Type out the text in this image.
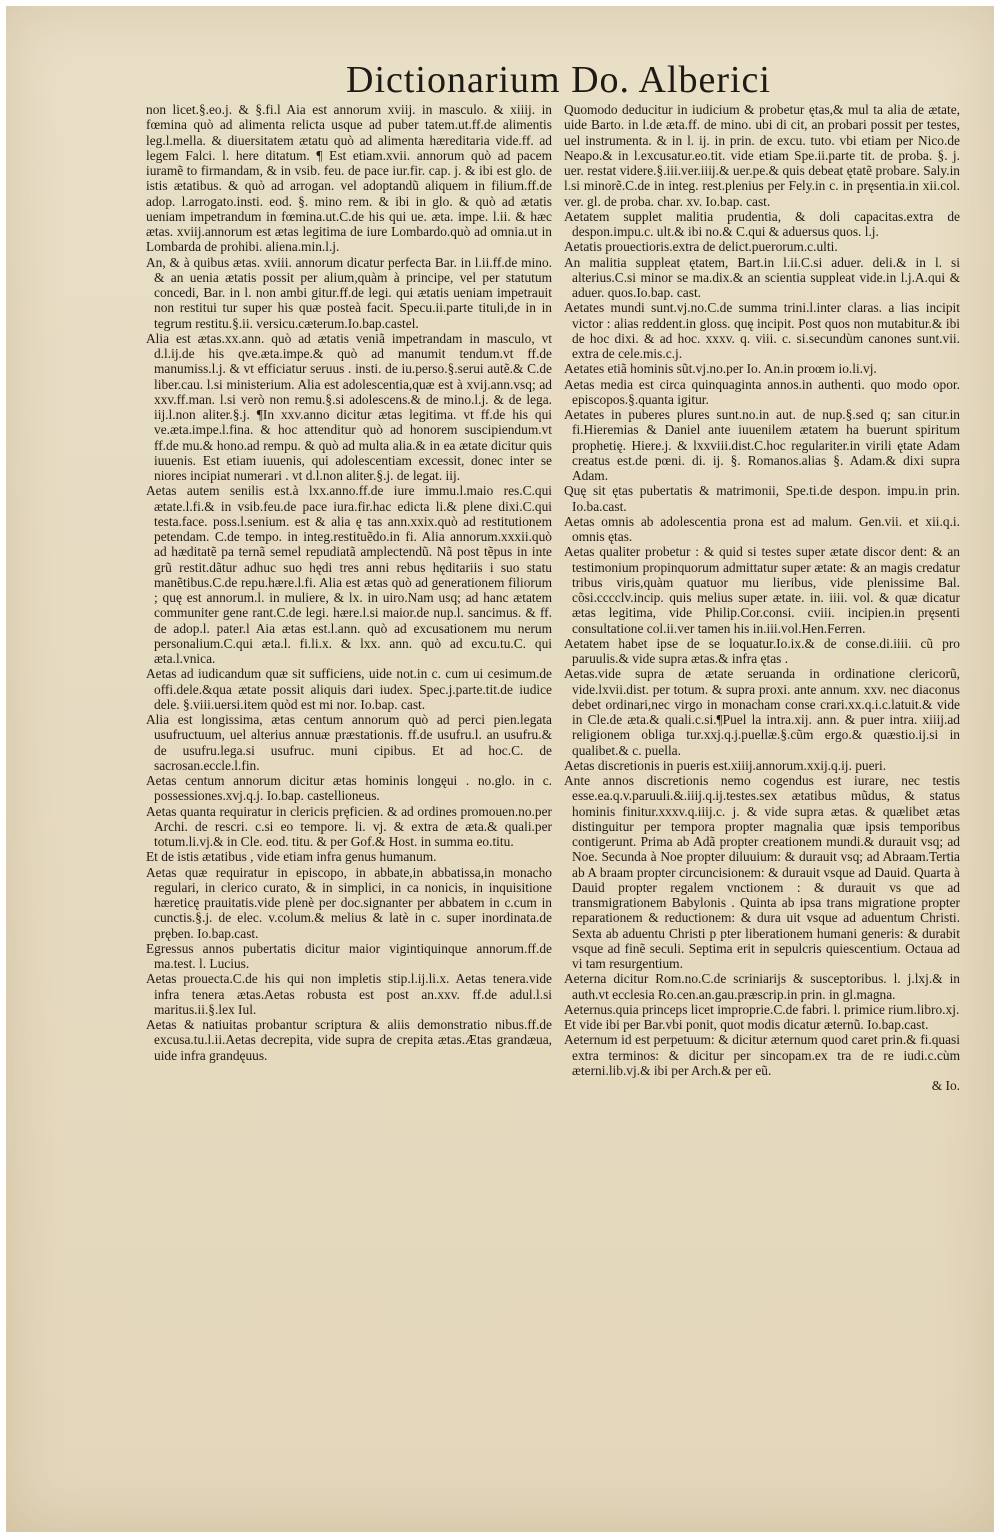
Dictionarium Do. Alberici

non licet.§.eo.j. & §.fi.l Aia est annorum xviij. in masculo. & xiiij. in fœmina quò ad alimenta relicta usque ad puber tatem.ut.ff.de alimentis leg.l.mella. & diuersitatem ætatu quò ad alimenta hæreditaria vide.ff. ad legem Falci. l. here ditatum. ¶ Est etiam.xvii. annorum quò ad pacem iuramẽ to firmandam, & in vsib. feu. de pace iur.fir. cap. j. & ibi est glo. de istis ætatibus. & quò ad arrogan. vel adoptandũ aliquem in filium.ff.de adop. l.arrogato.insti. eod. §. mino rem. & ibi in glo. & quò ad ætatis ueniam impetrandum in fœmina.ut.C.de his qui ue. æta. impe. l.ii. & hæc ætas. xviij.annorum est ætas legitima de iure Lombardo.quò ad omnia.ut in Lombarda de prohibi. aliena.min.l.j.

An, & à quibus ætas. xviii. annorum dicatur perfecta Bar. in l.ii.ff.de mino. & an uenia ætatis possit per alium,quàm à principe, vel per statutum concedi, Bar. in l. non ambi gitur.ff.de legi. qui ætatis ueniam impetrauit non restitui tur super his quæ posteà facit. Specu.ii.parte tituli,de in in tegrum restitu.§.ii. versicu.cæterum.Io.bap.castel.

Alia est ætas.xx.ann. quò ad ætatis veniã impetrandam in masculo, vt d.l.ij.de his qve.æta.impe.& quò ad manumit tendum.vt ff.de manumiss.l.j. & vt efficiatur seruus . insti. de iu.perso.§.serui autẽ.& C.de liber.cau. l.si ministerium. Alia est adolescentia,quæ est à xvij.ann.vsq; ad xxv.ff.man. l.si verò non remu.§.si adolescens.& de mino.l.j. & de lega. iij.l.non aliter.§.j. ¶In xxv.anno dicitur ætas legitima. vt ff.de his qui ve.æta.impe.l.fina. & hoc attenditur quò ad honorem suscipiendum.vt ff.de mu.& hono.ad rempu. & quò ad multa alia.& in ea ætate dicitur quis iuuenis. Est etiam iuuenis, qui adolescentiam excessit, donec inter se niores incipiat numerari . vt d.l.non aliter.§.j. de legat. iij.

Aetas autem senilis est.à lxx.anno.ff.de iure immu.l.maio res.C.qui ætate.l.fi.& in vsib.feu.de pace iura.fir.hac edicta li.& plene dixi.C.qui testa.face. poss.l.senium. est & alia ę tas ann.xxix.quò ad restitutionem petendam. C.de tempo. in integ.restituẽdo.in fi. Alia annorum.xxxii.quò ad hæditatẽ pa ternã semel repudiatã amplectendũ. Nã post tẽpus in inte grũ restit.dãtur adhuc suo hędi tres anni rebus hęditariis i suo statu manẽtibus.C.de repu.hære.l.fi. Alia est ætas quò ad generationem filiorum ; quę est annorum.l. in muliere, & lx. in uiro.Nam usq; ad hanc ætatem communiter gene rant.C.de legi. hære.l.si maior.de nup.l. sancimus. & ff. de adop.l. pater.l Aia ætas est.l.ann. quò ad excusationem mu nerum personalium.C.qui æta.l. fi.li.x. & lxx. ann. quò ad excu.tu.C. qui æta.l.vnica.

Aetas ad iudicandum quæ sit sufficiens, uide not.in c. cum ui cesimum.de offi.dele.&qua ætate possit aliquis dari iudex. Spec.j.parte.tit.de iudice dele. §.viii.uersi.item quòd est mi nor. Io.bap. cast.

Alia est longissima, ætas centum annorum quò ad perci pien.legata usufructuum, uel alterius annuæ præstationis. ff.de usufru.l. an usufru.& de usufru.lega.si usufruc. muni cipibus. Et ad hoc.C. de sacrosan.eccle.l.fin.

Aetas centum annorum dicitur ætas hominis longęui . no.glo. in c. possessiones.xvj.q.j. Io.bap. castellioneus.

Aetas quanta requiratur in clericis pręficien. & ad ordines promouen.no.per Archi. de rescri. c.si eo tempore. li. vj. & extra de æta.& quali.per totum.li.vj.& in Cle. eod. titu. & per Gof.& Host. in summa eo.titu.

Et de istis ætatibus , vide etiam infra genus humanum.

Aetas quæ requiratur in episcopo, in abbate,in abbatissa,in monacho regulari, in clerico curato, & in simplici, in ca nonicis, in inquisitione hæreticę prauitatis.vide plenè per doc.signanter per abbatem in c.cum in cunctis.§.j. de elec. v.colum.& melius & latè in c. super inordinata.de pręben. Io.bap.cast.

Egressus annos pubertatis dicitur maior vigintiquinque annorum.ff.de ma.test. l. Lucius.

Aetas prouecta.C.de his qui non impletis stip.l.ij.li.x. Aetas tenera.vide infra tenera ætas.Aetas robusta est post an.xxv. ff.de adul.l.si maritus.ii.§.lex Iul.

Aetas & natiuitas probantur scriptura & aliis demonstratio nibus.ff.de excusa.tu.l.ii.Aetas decrepita, vide supra de crepita ætas.Ætas grandæua, uide infra grandęuus.

Quomodo deducitur in iudicium & probetur ętas,& mul ta alia de ætate, uide Barto. in l.de æta.ff. de mino. ubi di cit, an probari possit per testes, uel instrumenta. & in l. ij. in prin. de excu. tuto. vbi etiam per Nico.de Neapo.& in l.excusatur.eo.tit. vide etiam Spe.ii.parte tit. de proba. §. j. uer. restat videre.§.iii.ver.iiij.& uer.pe.& quis debeat ętatẽ probare. Saly.in l.si minorẽ.C.de in integ. rest.plenius per Fely.in c. in pręsentia.in xii.col. ver. gl. de proba. char. xv. Io.bap. cast.

Aetatem supplet malitia prudentia, & doli capacitas.extra de despon.impu.c. ult.& ibi no.& C.qui & aduersus quos. l.j.

Aetatis prouectioris.extra de delict.puerorum.c.ulti.

An malitia suppleat ętatem, Bart.in l.ii.C.si aduer. deli.& in l. si alterius.C.si minor se ma.dix.& an scientia suppleat vide.in l.j.A.qui & aduer. quos.Io.bap. cast.

Aetates mundi sunt.vj.no.C.de summa trini.l.inter claras. a lias incipit victor : alias reddent.in gloss. quę incipit. Post quos non mutabitur.& ibi de hoc dixi. & ad hoc. xxxv. q. viii. c. si.secundùm canones sunt.vii. extra de cele.mis.c.j.

Aetates etiã hominis sũt.vj.no.per Io. An.in proœm io.li.vj.

Aetas media est circa quinquaginta annos.in authenti. quo modo opor. episcopos.§.quanta igitur.

Aetates in puberes plures sunt.no.in aut. de nup.§.sed q; san citur.in fi.Hieremias & Daniel ante iuuenilem ætatem ha buerunt spiritum prophetię. Hiere.j. & lxxviii.dist.C.hoc regulariter.in virili ętate Adam creatus est.de pœni. di. ij. §. Romanos.alias §. Adam.& dixi supra Adam.

Quę sit ętas pubertatis & matrimonii, Spe.ti.de despon. impu.in prin. Io.ba.cast.

Aetas omnis ab adolescentia prona est ad malum. Gen.vii. et xii.q.i. omnis ętas.

Aetas qualiter probetur : & quid si testes super ætate discor dent: & an testimonium propinquorum admittatur super ætate: & an magis credatur tribus viris,quàm quatuor mu lieribus, vide plenissime Bal. cõsi.cccclv.incip. quis melius super ætate. in. iiii. vol. & quæ dicatur ætas legitima, vide Philip.Cor.consi. cviii. incipien.in pręsenti consultatione col.ii.ver tamen his in.iii.vol.Hen.Ferren.

Aetatem habet ipse de se loquatur.Io.ix.& de conse.di.iiii. cũ pro paruulis.& vide supra ætas.& infra ętas .

Aetas.vide supra de ætate seruanda in ordinatione clericorũ, vide.lxvii.dist. per totum. & supra proxi. ante annum. xxv. nec diaconus debet ordinari,nec virgo in monacham conse crari.xx.q.i.c.latuit.& vide in Cle.de æta.& quali.c.si.¶Puel la intra.xij. ann. & puer intra. xiiij.ad religionem obliga tur.xxj.q.j.puellæ.§.cũm ergo.& quæstio.ij.si in qualibet.& c. puella.

Aetas discretionis in pueris est.xiiij.annorum.xxij.q.ij. pueri.

Ante annos discretionis nemo cogendus est iurare, nec testis esse.ea.q.v.paruuli.&.iiij.q.ij.testes.sex ætatibus mũdus, & status hominis finitur.xxxv.q.iiij.c. j. & vide supra ætas. & quælibet ætas distinguitur per tempora propter magnalia quæ ipsis temporibus contigerunt. Prima ab Adã propter creationem mundi.& durauit vsq; ad Noe. Secunda à Noe propter diluuium: & durauit vsq; ad Abraam.Tertia ab A braam propter circuncisionem: & durauit vsque ad Dauid. Quarta à Dauid propter regalem vnctionem : & durauit vs que ad transmigrationem Babylonis . Quinta ab ipsa trans migratione propter reparationem & reductionem: & dura uit vsque ad aduentum Christi. Sexta ab aduentu Christi p pter liberationem humani generis: & durabit vsque ad finẽ seculi. Septima erit in sepulcris quiescentium. Octaua ad vi tam resurgentium.

Aeterna dicitur Rom.no.C.de scriniarijs & susceptoribus. l. j.lxj.& in auth.vt ecclesia Ro.cen.an.gau.præscrip.in prin. in gl.magna.

Aeternus.quia princeps licet improprie.C.de fabri. l. primice rium.libro.xj.

Et vide ibi per Bar.vbi ponit, quot modis dicatur æternũ. Io.bap.cast.

Aeternum id est perpetuum: & dicitur æternum quod caret prin.& fi.quasi extra terminos: & dicitur per sincopam.ex tra de re iudi.c.cùm æterni.lib.vj.& ibi per Arch.& per eũ.

& Io.
